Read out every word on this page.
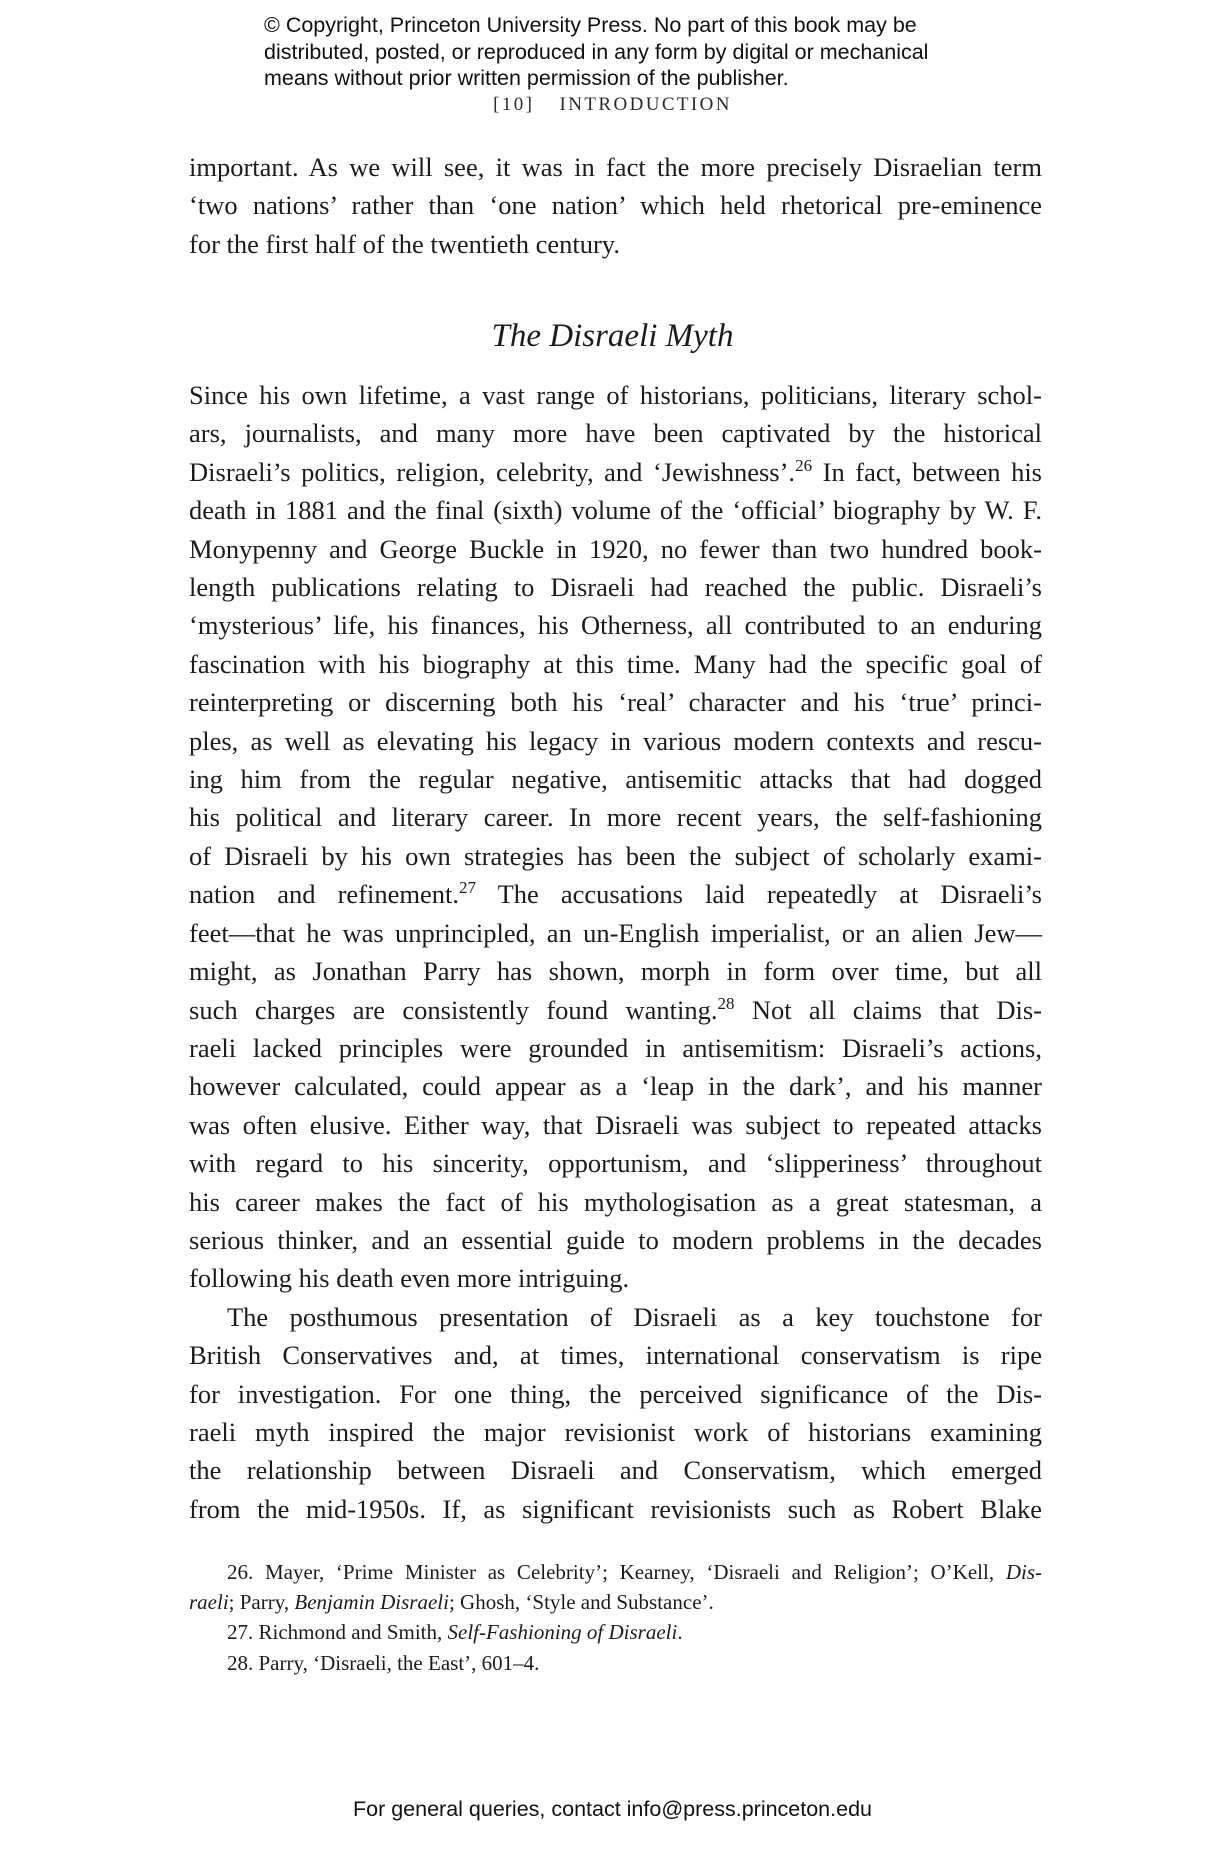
© Copyright, Princeton University Press. No part of this book may be
distributed, posted, or reproduced in any form by digital or mechanical
means without prior written permission of the publisher.
[10] INTRODUCTION
important. As we will see, it was in fact the more precisely Disraelian term
‘two nations’ rather than ‘one nation’ which held rhetorical pre-eminence
for the first half of the twentieth century.
The Disraeli Myth
Since his own lifetime, a vast range of historians, politicians, literary schol-
ars, journalists, and many more have been captivated by the historical
Disraeli’s politics, religion, celebrity, and ‘Jewishness’.$^{26}$ In fact, between his
death in 1881 and the final (sixth) volume of the ‘official’ biography by W. F.
Monypenny and George Buckle in 1920, no fewer than two hundred book-
length publications relating to Disraeli had reached the public. Disraeli’s
‘mysterious’ life, his finances, his Otherness, all contributed to an enduring
fascination with his biography at this time. Many had the specific goal of
reinterpreting or discerning both his ‘real’ character and his ‘true’ princi-
ples, as well as elevating his legacy in various modern contexts and rescu-
ing him from the regular negative, antisemitic attacks that had dogged
his political and literary career. In more recent years, the self-fashioning
of Disraeli by his own strategies has been the subject of scholarly exami-
nation and refinement.$^{27}$ The accusations laid repeatedly at Disraeli’s
feet—that he was unprincipled, an un-English imperialist, or an alien Jew—
might, as Jonathan Parry has shown, morph in form over time, but all
such charges are consistently found wanting.$^{28}$ Not all claims that Dis-
raeli lacked principles were grounded in antisemitism: Disraeli’s actions,
however calculated, could appear as a ‘leap in the dark’, and his manner
was often elusive. Either way, that Disraeli was subject to repeated attacks
with regard to his sincerity, opportunism, and ‘slipperiness’ throughout
his career makes the fact of his mythologisation as a great statesman, a
serious thinker, and an essential guide to modern problems in the decades
following his death even more intriguing.
The posthumous presentation of Disraeli as a key touchstone for
British Conservatives and, at times, international conservatism is ripe
for investigation. For one thing, the perceived significance of the Dis-
raeli myth inspired the major revisionist work of historians examining
the relationship between Disraeli and Conservatism, which emerged
from the mid-1950s. If, as significant revisionists such as Robert Blake
26. Mayer, ‘Prime Minister as Celebrity’; Kearney, ‘Disraeli and Religion’; O’Kell, Dis-
raeli; Parry, Benjamin Disraeli; Ghosh, ‘Style and Substance’.
27. Richmond and Smith, Self-Fashioning of Disraeli.
28. Parry, ‘Disraeli, the East’, 601–4.
For general queries, contact info@press.princeton.edu
